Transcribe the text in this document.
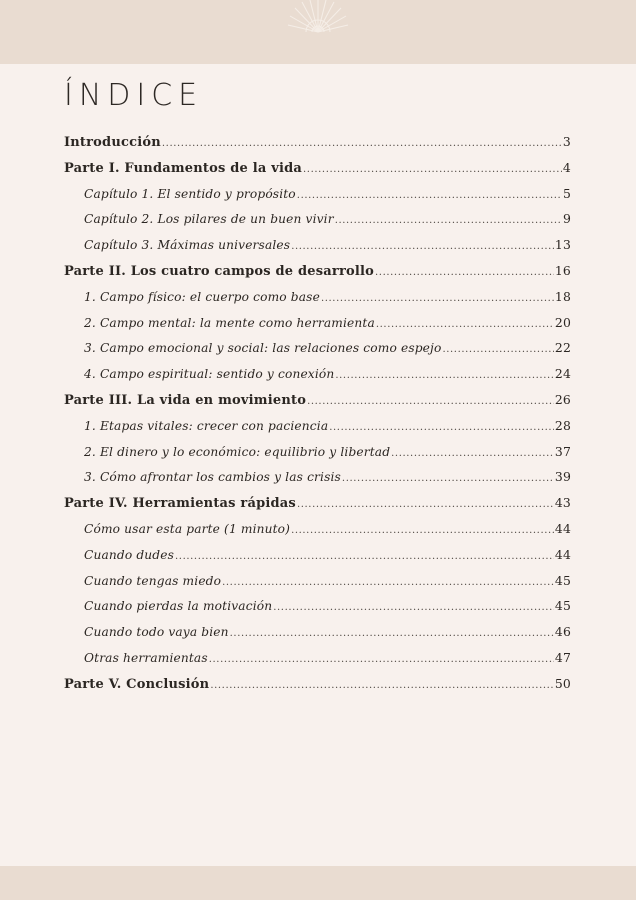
ÍNDICE
Introducción .....	3
Parte I. Fundamentos de la vida .....	4
Capítulo 1. El sentido y propósito .....	5
Capítulo 2. Los pilares de un buen vivir .....	9
Capítulo 3. Máximas universales .....	13
Parte II. Los cuatro campos de desarrollo .....	16
1. Campo físico: el cuerpo como base .....	18
2. Campo mental: la mente como herramienta .....	20
3. Campo emocional y social: las relaciones como espejo .....	22
4. Campo espiritual: sentido y conexión .....	24
Parte III. La vida en movimiento .....	26
1. Etapas vitales: crecer con paciencia .....	28
2. El dinero y lo económico: equilibrio y libertad .....	37
3. Cómo afrontar los cambios y las crisis .....	39
Parte IV. Herramientas rápidas .....	43
Cómo usar esta parte (1 minuto) .....	44
Cuando dudes .....	44
Cuando tengas miedo .....	45
Cuando pierdas la motivación .....	45
Cuando todo vaya bien .....	46
Otras herramientas .....	47
Parte V. Conclusión .....	50
